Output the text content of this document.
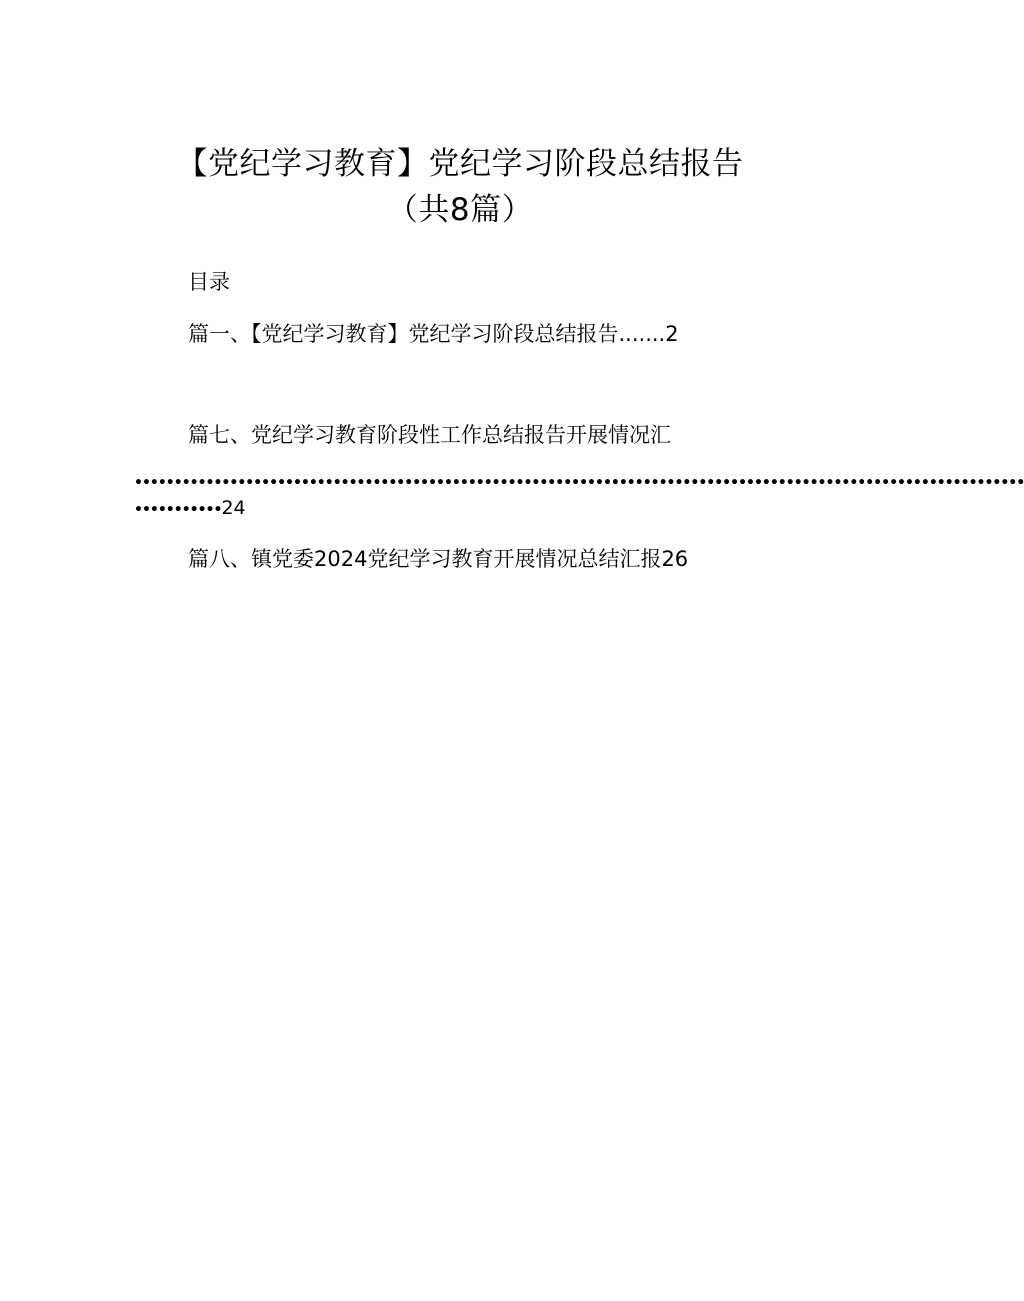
【党纪学习教育】党纪学习阶段总结报告
（共8篇）
目录
篇一、【党纪学习教育】党纪学习阶段总结报告.......2
篇七、党纪学习教育阶段性工作总结报告开展情况汇
••••••••••••••••••••••••••••••••••••••••••••••••••••••••••••••••••••••••••••••••••••••••••••••••••••••••••••••••
•••••••••••24
篇八、镇党委2024党纪学习教育开展情况总结汇报26
